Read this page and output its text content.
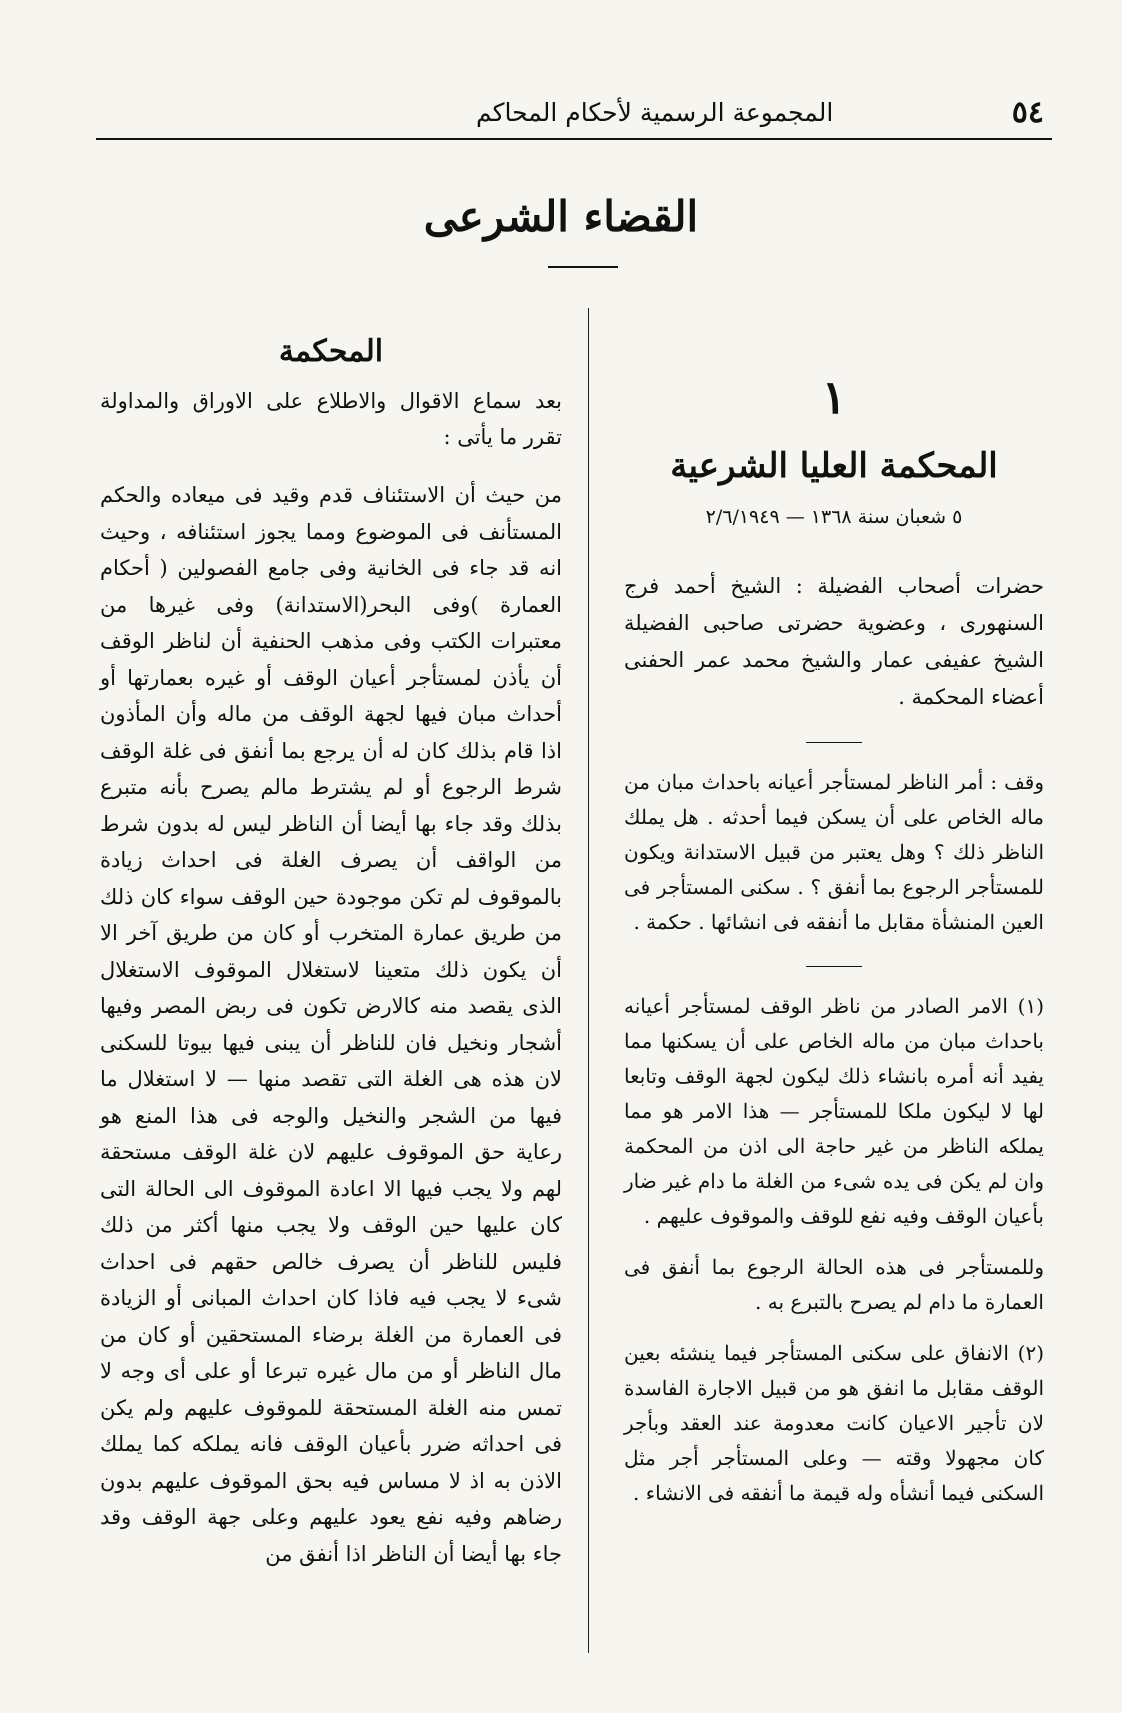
٥٤
المجموعة الرسمية لأحكام المحاكم
القضاء الشرعى
١
المحكمة العليا الشرعية
٥ شعبان سنة ١٣٦٨ — ٢/٦/١٩٤٩

حضرات أصحاب الفضيلة : الشيخ أحمد فرج السنهورى ، وعضوية حضرتى صاحبى الفضيلة الشيخ عفيفى عمار والشيخ محمد عمر الحفنى أعضاء المحكمة .

وقف : أمر الناظر لمستأجر أعيانه باحداث مبان من ماله الخاص على أن يسكن فيما أحدثه . هل يملك الناظر ذلك ؟ وهل يعتبر من قبيل الاستدانة ويكون للمستأجر الرجوع بما أنفق ؟ . سكنى المستأجر فى العين المنشأة مقابل ما أنفقه فى انشائها . حكمة .

(١) الامر الصادر من ناظر الوقف لمستأجر أعيانه باحداث مبان من ماله الخاص على أن يسكنها مما يفيد أنه أمره بانشاء ذلك ليكون لجهة الوقف وتابعا لها لا ليكون ملكا للمستأجر — هذا الامر هو مما يملكه الناظر من غير حاجة الى اذن من المحكمة وان لم يكن فى يده شىء من الغلة ما دام غير ضار بأعيان الوقف وفيه نفع للوقف والموقوف عليهم .

وللمستأجر فى هذه الحالة الرجوع بما أنفق فى العمارة ما دام لم يصرح بالتبرع به .

(٢) الانفاق على سكنى المستأجر فيما ينشئه بعين الوقف مقابل ما انفق هو من قبيل الاجارة الفاسدة لان تأجير الاعيان كانت معدومة عند العقد وبأجر كان مجهولا وقته — وعلى المستأجر أجر مثل السكنى فيما أنشأه وله قيمة ما أنفقه فى الانشاء .

المحكمة

بعد سماع الاقوال والاطلاع على الاوراق والمداولة تقرر ما يأتى :

من حيث أن الاستئناف قدم وقيد فى ميعاده والحكم المستأنف فى الموضوع ومما يجوز استئنافه ، وحيث انه قد جاء فى الخانية وفى جامع الفصولين ( أحكام العمارة )وفى البحر(الاستدانة) وفى غيرها من معتبرات الكتب وفى مذهب الحنفية أن لناظر الوقف أن يأذن لمستأجر أعيان الوقف أو غيره بعمارتها أو أحداث مبان فيها لجهة الوقف من ماله وأن المأذون اذا قام بذلك كان له أن يرجع بما أنفق فى غلة الوقف شرط الرجوع أو لم يشترط مالم يصرح بأنه متبرع بذلك وقد جاء بها أيضا أن الناظر ليس له بدون شرط من الواقف أن يصرف الغلة فى احداث زيادة بالموقوف لم تكن موجودة حين الوقف سواء كان ذلك من طريق عمارة المتخرب أو كان من طريق آخر الا أن يكون ذلك متعينا لاستغلال الموقوف الاستغلال الذى يقصد منه كالارض تكون فى ربض المصر وفيها أشجار ونخيل فان للناظر أن يبنى فيها بيوتا للسكنى لان هذه هى الغلة التى تقصد منها — لا استغلال ما فيها من الشجر والنخيل والوجه فى هذا المنع هو رعاية حق الموقوف عليهم لان غلة الوقف مستحقة لهم ولا يجب فيها الا اعادة الموقوف الى الحالة التى كان عليها حين الوقف ولا يجب منها أكثر من ذلك فليس للناظر أن يصرف خالص حقهم فى احداث شىء لا يجب فيه فاذا كان احداث المبانى أو الزيادة فى العمارة من الغلة برضاء المستحقين أو كان من مال الناظر أو من مال غيره تبرعا أو على أى وجه لا تمس منه الغلة المستحقة للموقوف عليهم ولم يكن فى احداثه ضرر بأعيان الوقف فانه يملكه كما يملك الاذن به اذ لا مساس فيه بحق الموقوف عليهم بدون رضاهم وفيه نفع يعود عليهم وعلى جهة الوقف وقد جاء بها أيضا أن الناظر اذا أنفق من
